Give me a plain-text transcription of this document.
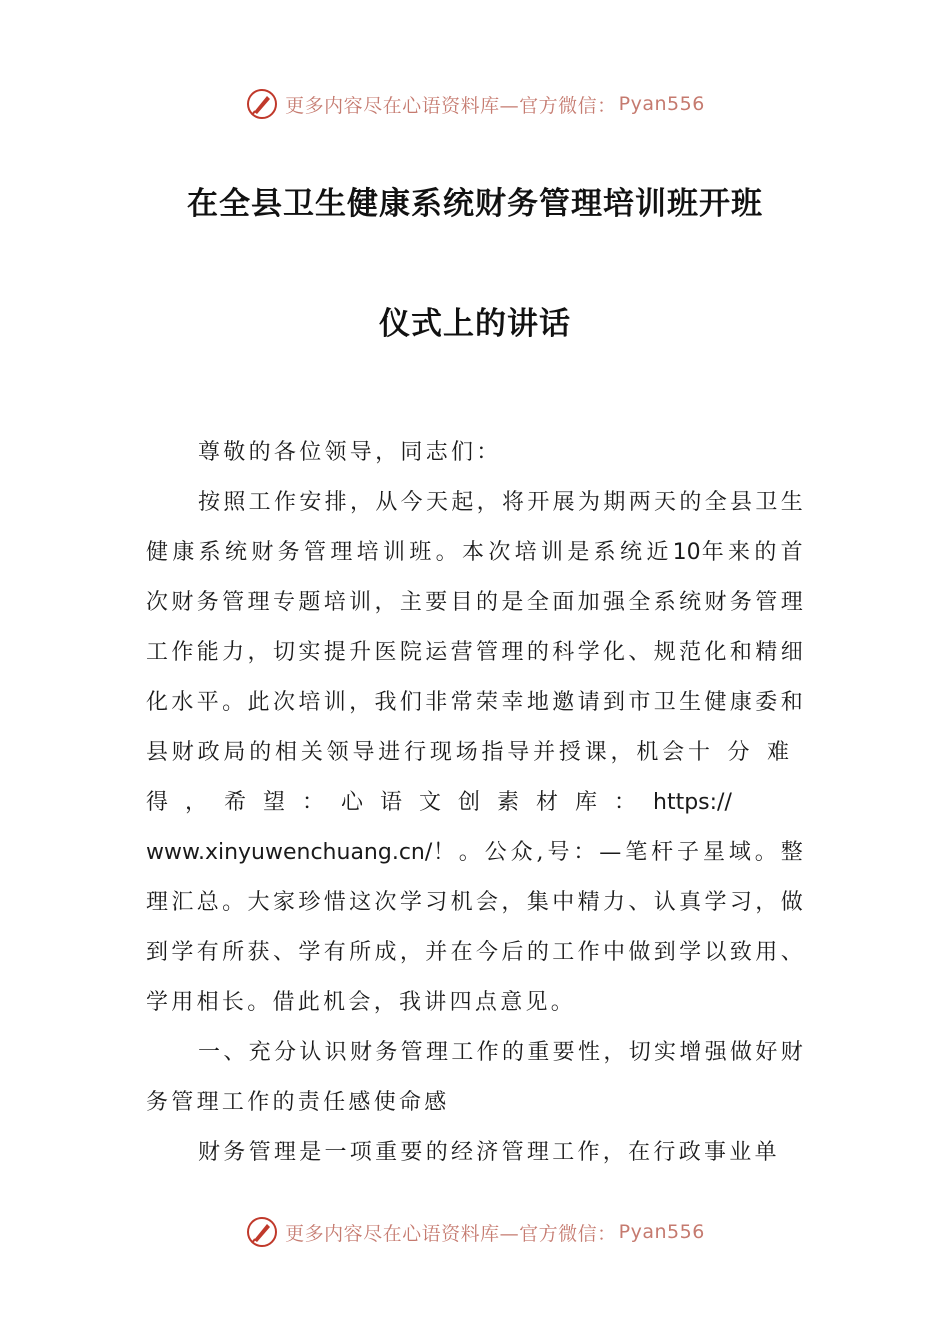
更多内容尽在心语资料库—官方微信： Pyan556
在全县卫生健康系统财务管理培训班开班
仪式上的讲话

尊敬的各位领导，同志们：

按照工作安排，从今天起，将开展为期两天的全县卫生健康系统财务管理培训班。本次培训是系统近10年来的首次财务管理专题培训，主要目的是全面加强全系统财务管理工作能力，切实提升医院运营管理的科学化、规范化和精细化水平。此次培训，我们非常荣幸地邀请到市卫生健康委和县财政局的相关领导进行现场指导并授课，机会十分难得，希望：心语文创素材库：https://
www.xinyuwenchuang.cn/！。公众,号：—笔杆子星域。整理汇总。大家珍惜这次学习机会，集中精力、认真学习，做到学有所获、学有所成，并在今后的工作中做到学以致用、学用相长。借此机会，我讲四点意见。

一、充分认识财务管理工作的重要性，切实增强做好财务管理工作的责任感使命感

财务管理是一项重要的经济管理工作，在行政事业单

更多内容尽在心语资料库—官方微信： Pyan556
